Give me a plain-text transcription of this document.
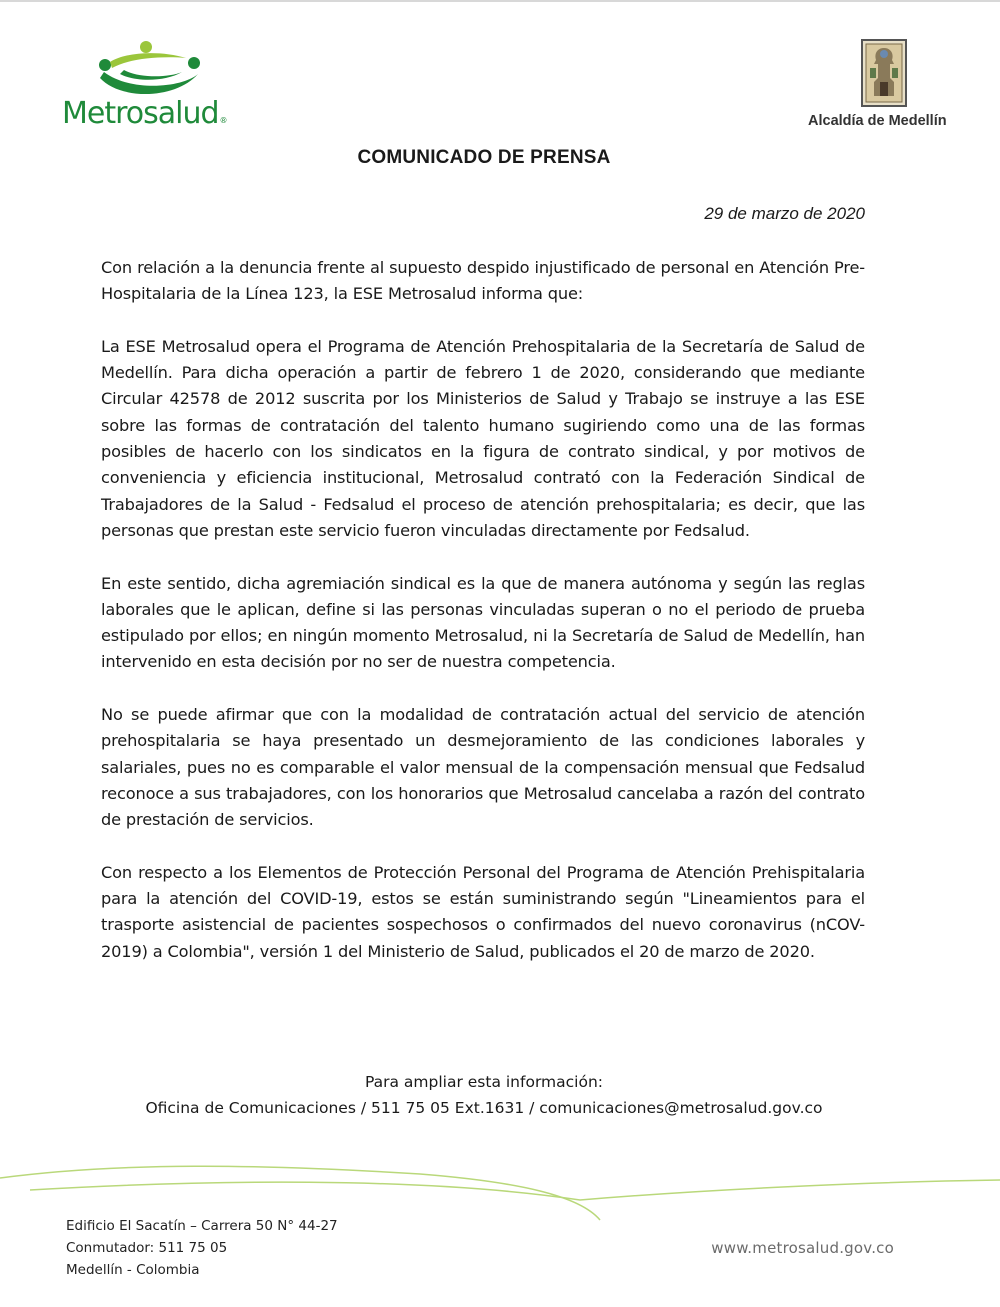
Metrosalud®	Alcaldía de Medellín
COMUNICADO DE PRENSA
29 de marzo de 2020

Con relación a la denuncia frente al supuesto despido injustificado de personal en Atención Pre-Hospitalaria de la Línea 123, la ESE Metrosalud informa que:

La ESE Metrosalud opera el Programa de Atención Prehospitalaria de la Secretaría de Salud de Medellín. Para dicha operación a partir de febrero 1 de 2020, considerando que mediante Circular 42578 de 2012 suscrita por los Ministerios de Salud y Trabajo se instruye a las ESE sobre las formas de contratación del talento humano sugiriendo como una de las formas posibles de hacerlo con los sindicatos en la figura de contrato sindical, y por motivos de conveniencia y eficiencia institucional, Metrosalud contrató con la Federación Sindical de Trabajadores de la Salud - Fedsalud el proceso de atención prehospitalaria; es decir, que las personas que prestan este servicio fueron vinculadas directamente por Fedsalud.

En este sentido, dicha agremiación sindical es la que de manera autónoma y según las reglas laborales que le aplican, define si las personas vinculadas superan o no el periodo de prueba estipulado por ellos; en ningún momento Metrosalud, ni la Secretaría de Salud de Medellín, han intervenido en esta decisión por no ser de nuestra competencia.

No se puede afirmar que con la modalidad de contratación actual del servicio de atención prehospitalaria se haya presentado un desmejoramiento de las condiciones laborales y salariales, pues no es comparable el valor mensual de la compensación mensual que Fedsalud reconoce a sus trabajadores, con los honorarios que Metrosalud cancelaba a razón del contrato de prestación de servicios.

Con respecto a los Elementos de Protección Personal del Programa de Atención Prehispitalaria para la atención del COVID-19, estos se están suministrando según "Lineamientos para el trasporte asistencial de pacientes sospechosos o confirmados del nuevo coronavirus (nCOV-2019) a Colombia", versión 1 del Ministerio de Salud, publicados el 20 de marzo de 2020.

Para ampliar esta información:
Oficina de Comunicaciones / 511 75 05 Ext.1631 / comunicaciones@metrosalud.gov.co
Edificio El Sacatín – Carrera 50 N° 44-27
Conmutador: 511 75 05
Medellín - Colombia
www.metrosalud.gov.co
